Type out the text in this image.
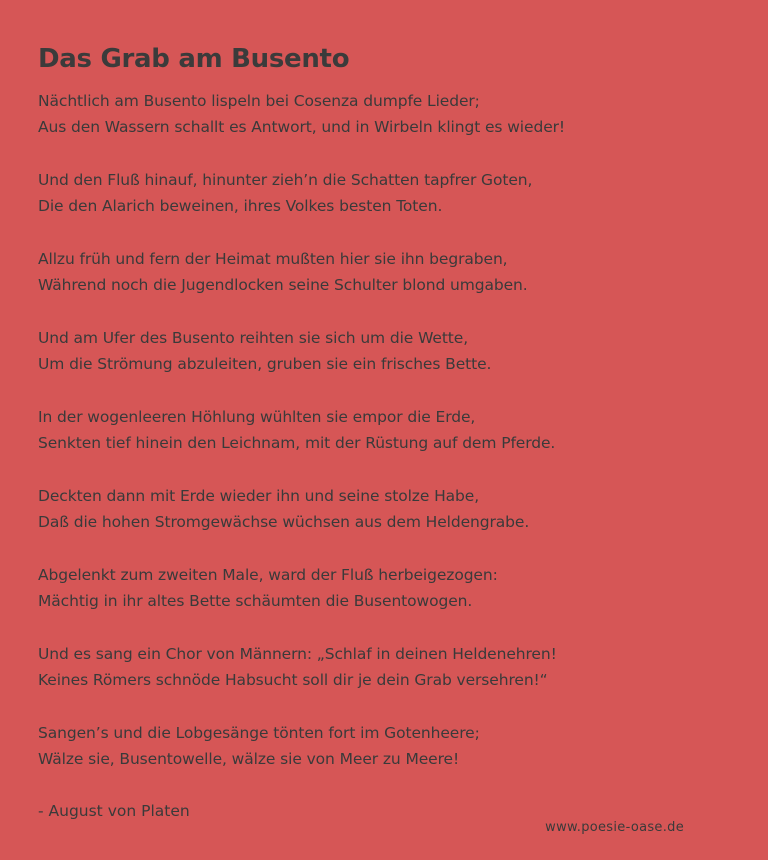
Das Grab am Busento
Nächtlich am Busento lispeln bei Cosenza dumpfe Lieder;
Aus den Wassern schallt es Antwort, und in Wirbeln klingt es wieder!
Und den Fluß hinauf, hinunter zieh’n die Schatten tapfrer Goten,
Die den Alarich beweinen, ihres Volkes besten Toten.
Allzu früh und fern der Heimat mußten hier sie ihn begraben,
Während noch die Jugendlocken seine Schulter blond umgaben.
Und am Ufer des Busento reihten sie sich um die Wette,
Um die Strömung abzuleiten, gruben sie ein frisches Bette.
In der wogenleeren Höhlung wühlten sie empor die Erde,
Senkten tief hinein den Leichnam, mit der Rüstung auf dem Pferde.
Deckten dann mit Erde wieder ihn und seine stolze Habe,
Daß die hohen Stromgewächse wüchsen aus dem Heldengrabe.
Abgelenkt zum zweiten Male, ward der Fluß herbeigezogen:
Mächtig in ihr altes Bette schäumten die Busentowogen.
Und es sang ein Chor von Männern: „Schlaf in deinen Heldenehren!
Keines Römers schnöde Habsucht soll dir je dein Grab versehren!“
Sangen’s und die Lobgesänge tönten fort im Gotenheere;
Wälze sie, Busentowelle, wälze sie von Meer zu Meere!
- August von Platen
www.poesie-oase.de
